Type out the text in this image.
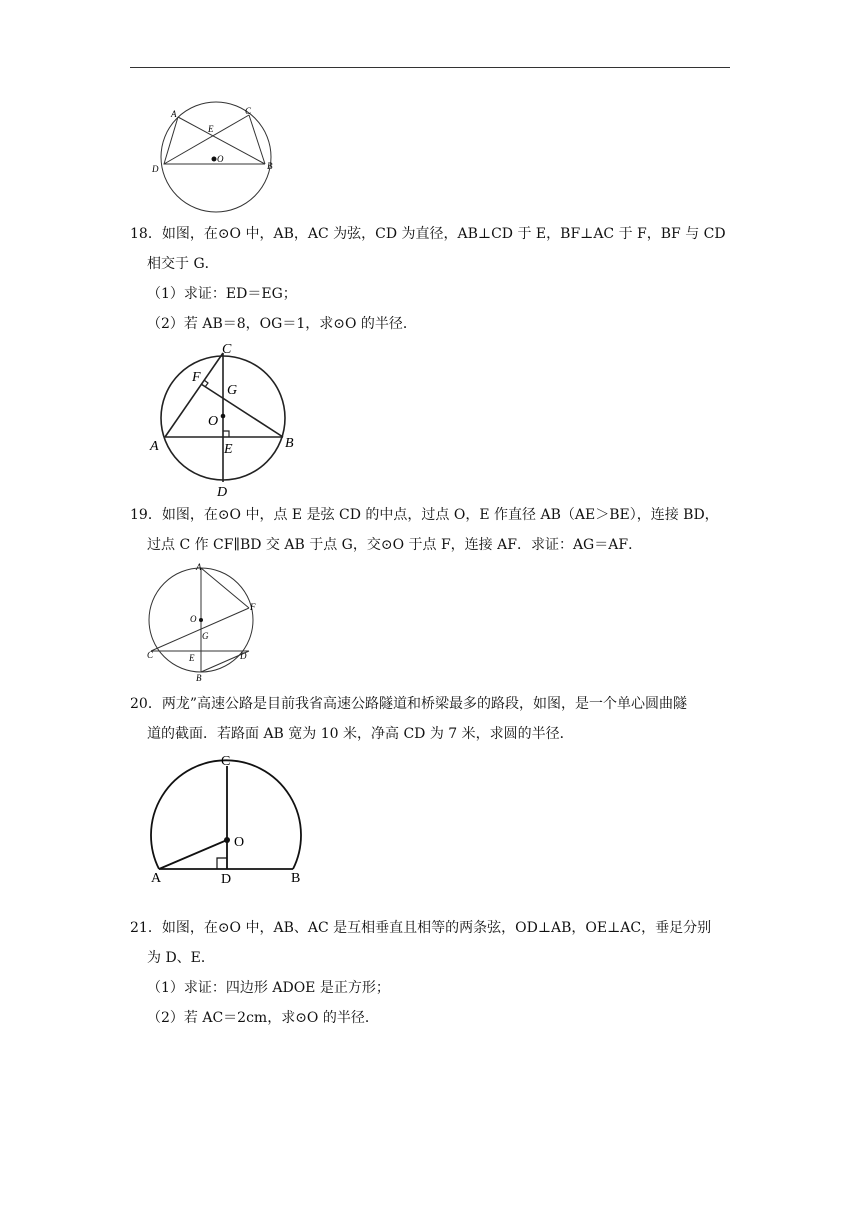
A	C
E
D
O
B
18．如图，在⊙O 中，AB，AC 为弦，CD 为直径，AB⊥CD 于 E，BF⊥AC 于 F，BF 与 CD
相交于 G．
（1）求证：ED＝EG；
（2）若 AB＝8，OG＝1，求⊙O 的半径．
C
F
G
O
A	E	B
D
19．如图，在⊙O 中，点 E 是弦 CD 的中点，过点 O，E 作直径 AB（AE＞BE），连接 BD，
过点 C 作 CF∥BD 交 AB 于点 G，交⊙O 于点 F，连接 AF．求证：AG＝AF．
A
F
O
G
C	E	D
B
20．两龙”高速公路是目前我省高速公路隧道和桥梁最多的路段，如图，是一个单心圆曲隧
道的截面．若路面 AB 宽为 10 米，净高 CD 为 7 米，求圆的半径．
C
O
A	D	B
21．如图，在⊙O 中，AB、AC 是互相垂直且相等的两条弦，OD⊥AB，OE⊥AC，垂足分别
为 D、E．
（1）求证：四边形 ADOE 是正方形；
（2）若 AC＝2cm，求⊙O 的半径．
